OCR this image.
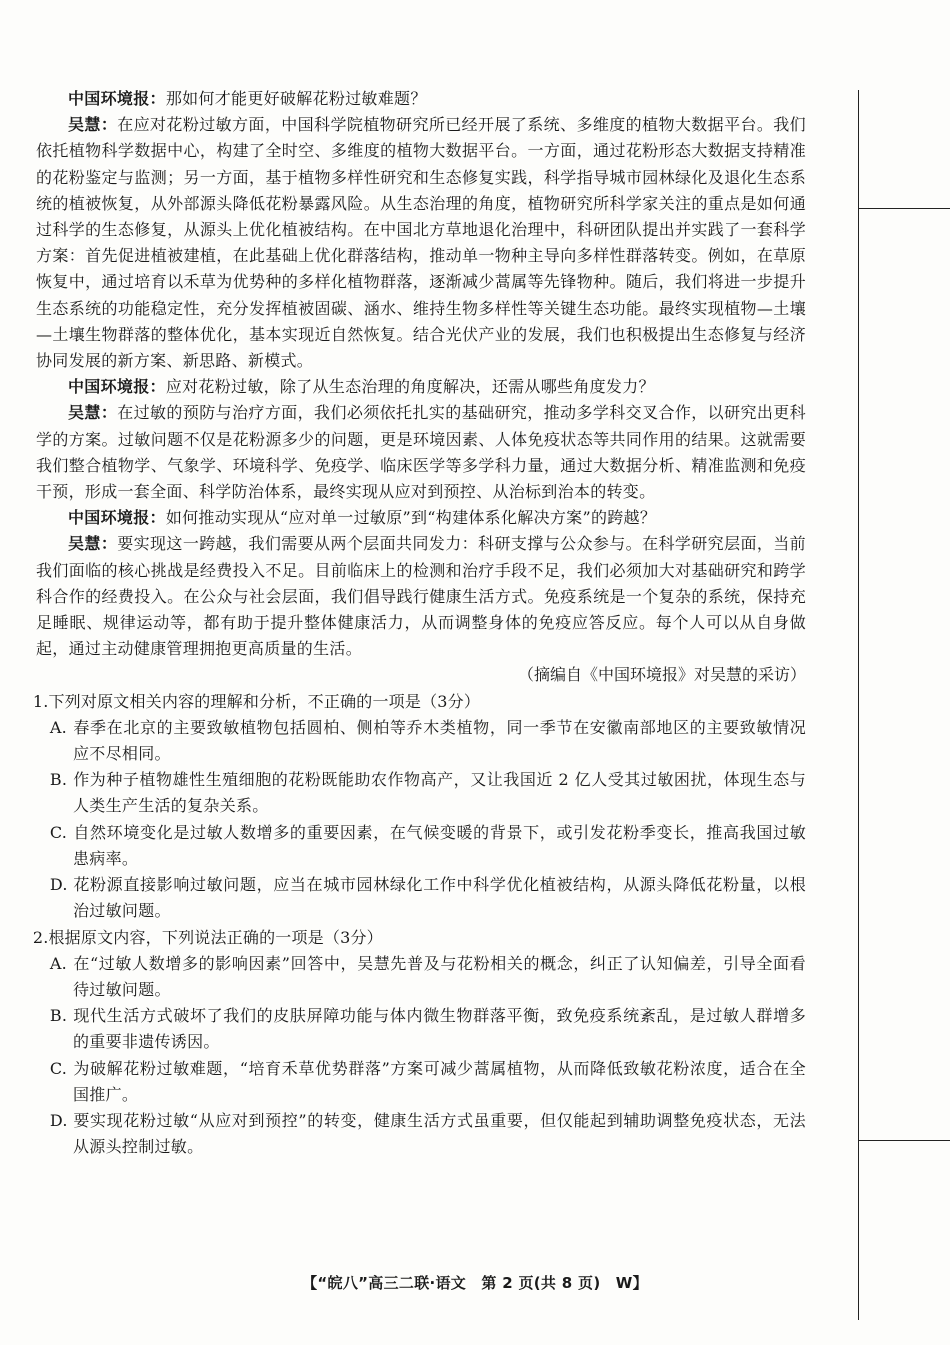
中国环境报：那如何才能更好破解花粉过敏难题？

吴慧：在应对花粉过敏方面，中国科学院植物研究所已经开展了系统、多维度的植物大数据平台。我们依托植物科学数据中心，构建了全时空、多维度的植物大数据平台。一方面，通过花粉形态大数据支持精准的花粉鉴定与监测；另一方面，基于植物多样性研究和生态修复实践，科学指导城市园林绿化及退化生态系统的植被恢复，从外部源头降低花粉暴露风险。从生态治理的角度，植物研究所科学家关注的重点是如何通过科学的生态修复，从源头上优化植被结构。在中国北方草地退化治理中，科研团队提出并实践了一套科学方案：首先促进植被建植，在此基础上优化群落结构，推动单一物种主导向多样性群落转变。例如，在草原恢复中，通过培育以禾草为优势种的多样化植物群落，逐渐减少蒿属等先锋物种。随后，我们将进一步提升生态系统的功能稳定性，充分发挥植被固碳、涵水、维持生物多样性等关键生态功能。最终实现植物—土壤—土壤生物群落的整体优化，基本实现近自然恢复。结合光伏产业的发展，我们也积极提出生态修复与经济协同发展的新方案、新思路、新模式。

中国环境报：应对花粉过敏，除了从生态治理的角度解决，还需从哪些角度发力？

吴慧：在过敏的预防与治疗方面，我们必须依托扎实的基础研究，推动多学科交叉合作，以研究出更科学的方案。过敏问题不仅是花粉源多少的问题，更是环境因素、人体免疫状态等共同作用的结果。这就需要我们整合植物学、气象学、环境科学、免疫学、临床医学等多学科力量，通过大数据分析、精准监测和免疫干预，形成一套全面、科学防治体系，最终实现从应对到预控、从治标到治本的转变。

中国环境报：如何推动实现从“应对单一过敏原”到“构建体系化解决方案”的跨越？

吴慧：要实现这一跨越，我们需要从两个层面共同发力：科研支撑与公众参与。在科学研究层面，当前我们面临的核心挑战是经费投入不足。目前临床上的检测和治疗手段不足，我们必须加大对基础研究和跨学科合作的经费投入。在公众与社会层面，我们倡导践行健康生活方式。免疫系统是一个复杂的系统，保持充足睡眠、规律运动等，都有助于提升整体健康活力，从而调整身体的免疫应答反应。每个人可以从自身做起，通过主动健康管理拥抱更高质量的生活。

（摘编自《中国环境报》对吴慧的采访）

1.下列对原文相关内容的理解和分析，不正确的一项是（3分）

A. 春季在北京的主要致敏植物包括圆柏、侧柏等乔木类植物，同一季节在安徽南部地区的主要致敏情况应不尽相同。

B. 作为种子植物雄性生殖细胞的花粉既能助农作物高产，又让我国近 2 亿人受其过敏困扰，体现生态与人类生产生活的复杂关系。

C. 自然环境变化是过敏人数增多的重要因素，在气候变暖的背景下，或引发花粉季变长，推高我国过敏患病率。

D. 花粉源直接影响过敏问题，应当在城市园林绿化工作中科学优化植被结构，从源头降低花粉量，以根治过敏问题。

2.根据原文内容，下列说法正确的一项是（3分）

A. 在“过敏人数增多的影响因素”回答中，吴慧先普及与花粉相关的概念，纠正了认知偏差，引导全面看待过敏问题。

B. 现代生活方式破坏了我们的皮肤屏障功能与体内微生物群落平衡，致免疫系统紊乱，是过敏人群增多的重要非遗传诱因。

C. 为破解花粉过敏难题，“培育禾草优势群落”方案可减少蒿属植物，从而降低致敏花粉浓度，适合在全国推广。

D. 要实现花粉过敏“从应对到预控”的转变，健康生活方式虽重要，但仅能起到辅助调整免疫状态，无法从源头控制过敏。

【“皖八”高三二联·语文　第 2 页(共 8 页)　W】
